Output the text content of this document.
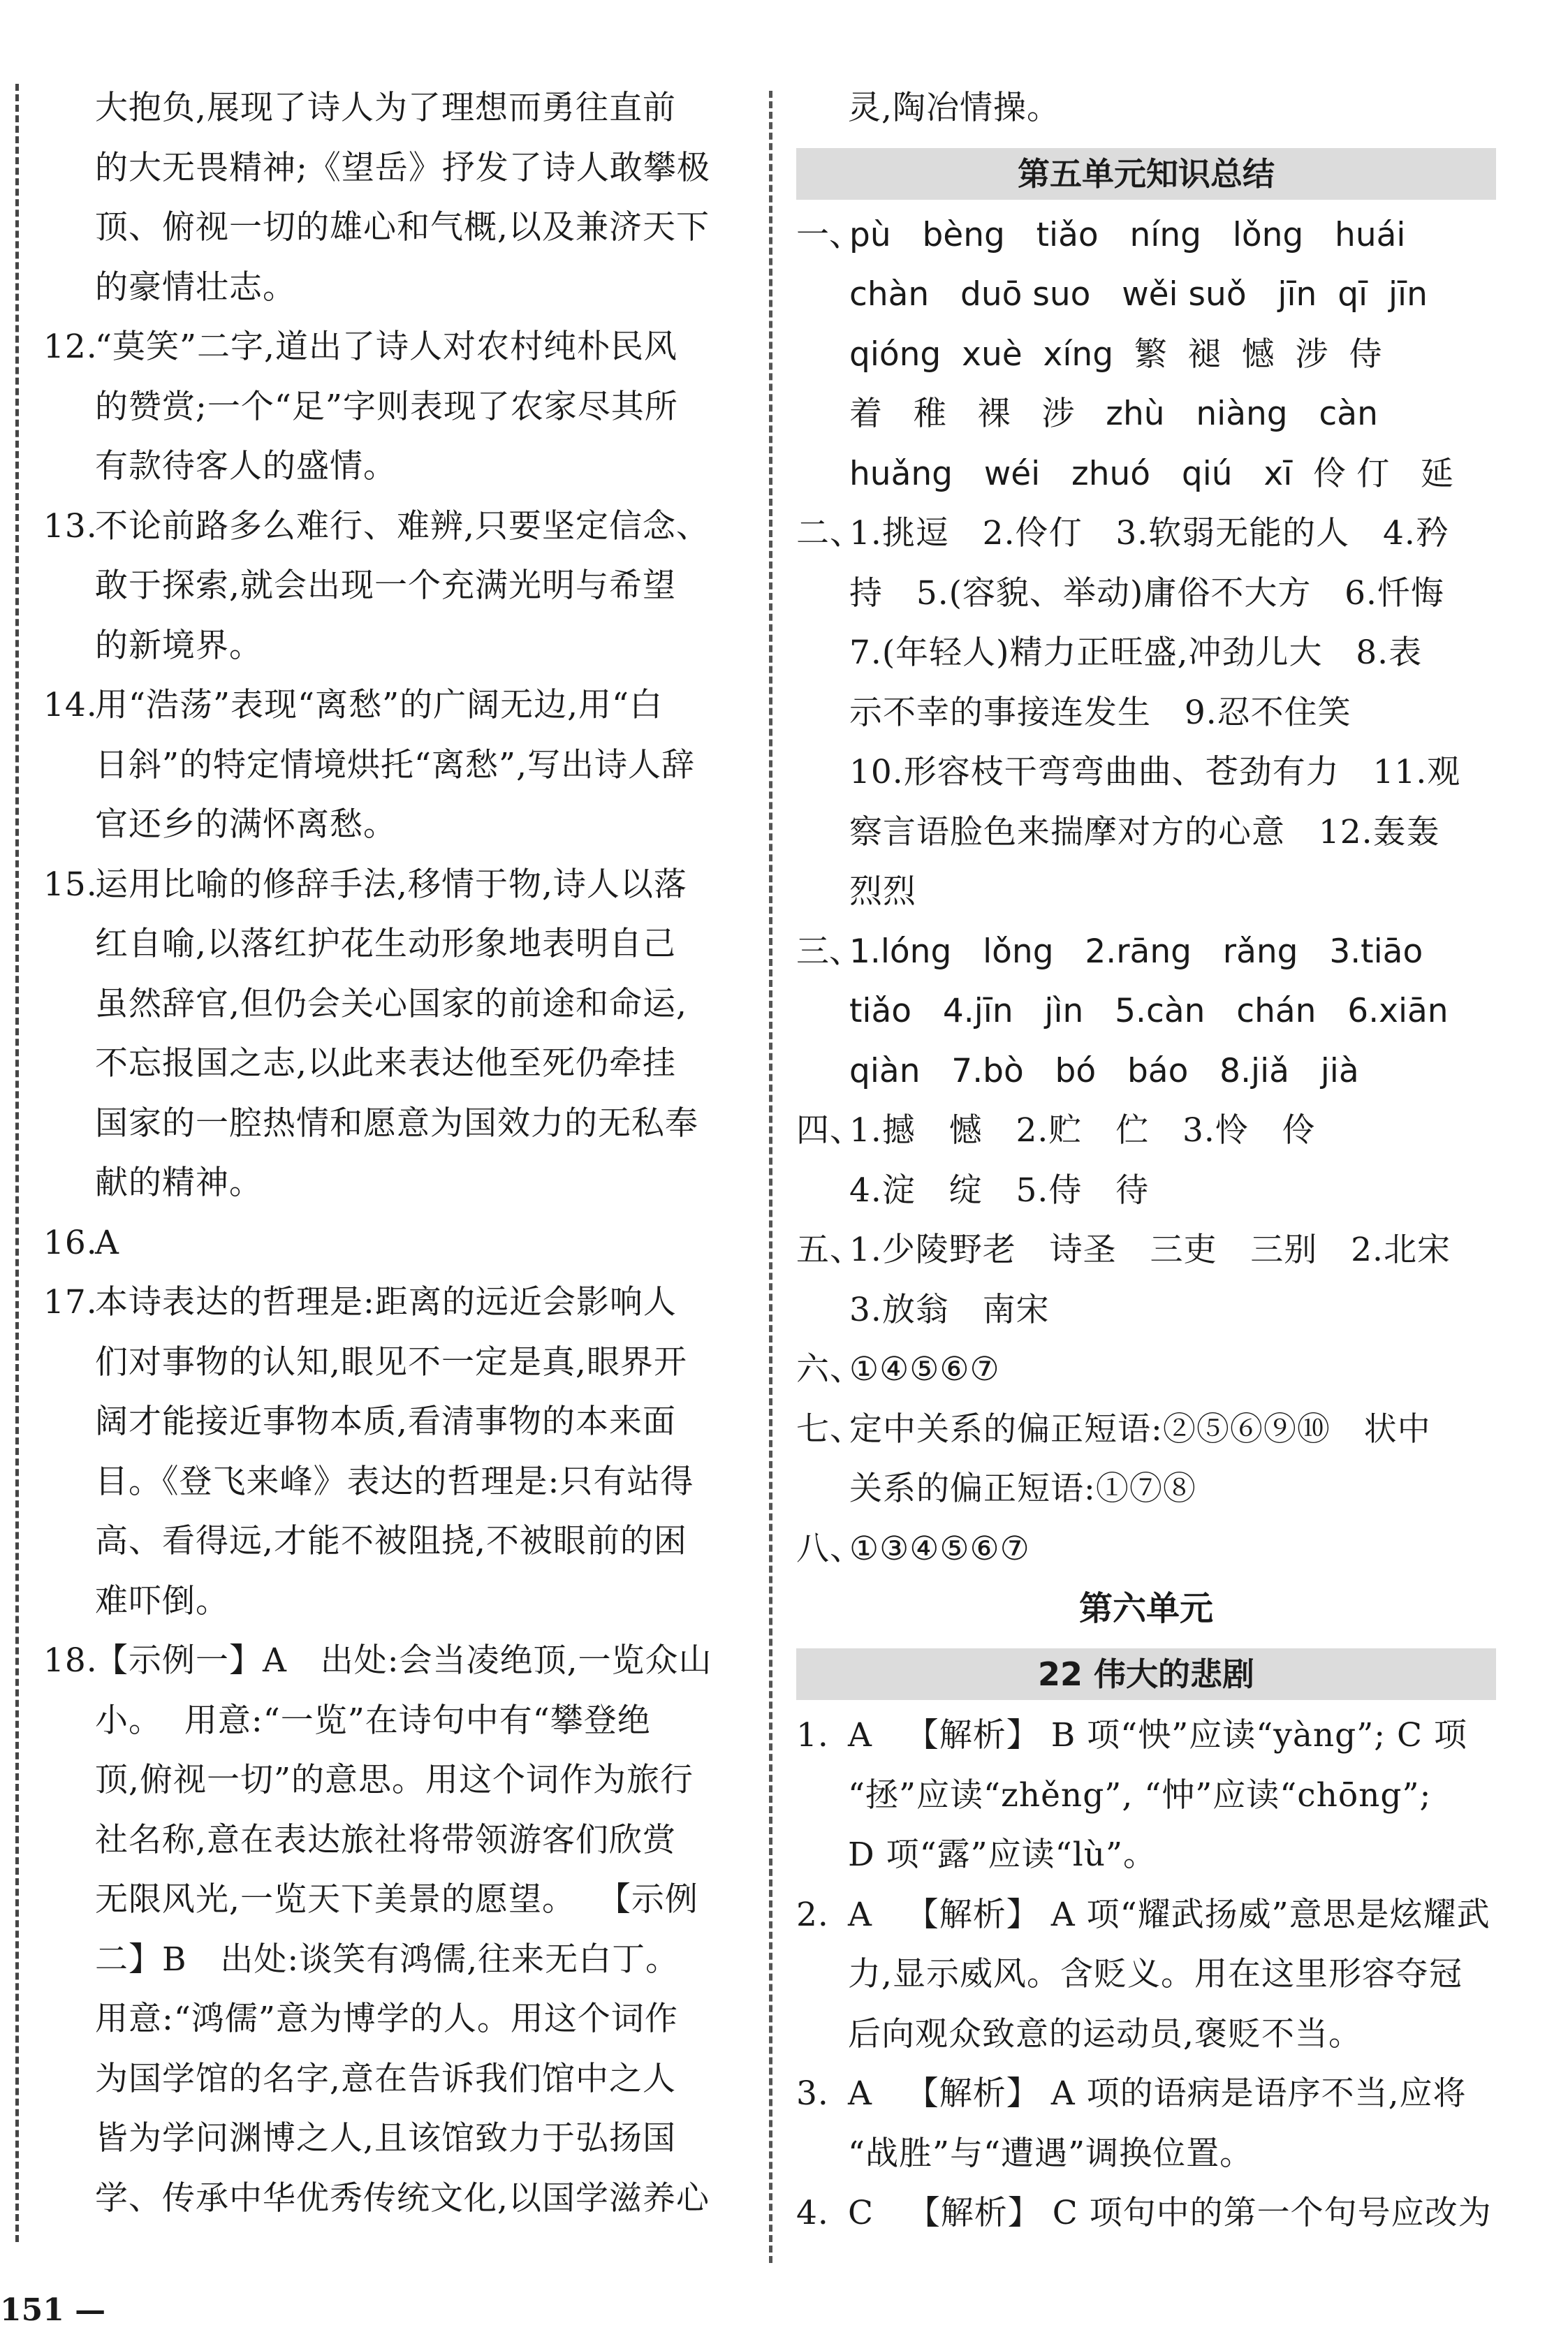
大抱负,展现了诗人为了理想而勇往直前
的大无畏精神;《望岳》抒发了诗人敢攀极
顶、俯视一切的雄心和气概,以及兼济天下
的豪情壮志。
12.
“莫笑”二字,道出了诗人对农村纯朴民风
的赞赏;一个“足”字则表现了农家尽其所
有款待客人的盛情。
13.
不论前路多么难行、难辨,只要坚定信念、
敢于探索,就会出现一个充满光明与希望
的新境界。
14.
用“浩荡”表现“离愁”的广阔无边,用“白
日斜”的特定情境烘托“离愁”,写出诗人辞
官还乡的满怀离愁。
15.
运用比喻的修辞手法,移情于物,诗人以落
红自喻,以落红护花生动形象地表明自己
虽然辞官,但仍会关心国家的前途和命运,
不忘报国之志,以此来表达他至死仍牵挂
国家的一腔热情和愿意为国效力的无私奉
献的精神。
16.
A
17.
本诗表达的哲理是:距离的远近会影响人
们对事物的认知,眼见不一定是真,眼界开
阔才能接近事物本质,看清事物的本来面
目。《登飞来峰》表达的哲理是:只有站得
高、看得远,才能不被阻挠,不被眼前的困
难吓倒。
18.
【示例一】A   出处:会当凌绝顶,一览众山
小。  用意:“一览”在诗句中有“攀登绝
顶,俯视一切”的意思。用这个词作为旅行
社名称,意在表达旅社将带领游客们欣赏
无限风光,一览天下美景的愿望。  【示例
二】B   出处:谈笑有鸿儒,往来无白丁。
用意:“鸿儒”意为博学的人。用这个词作
为国学馆的名字,意在告诉我们馆中之人
皆为学问渊博之人,且该馆致力于弘扬国
学、传承中华优秀传统文化,以国学滋养心
灵,陶冶情操。
第五单元知识总结
一、
pù   bèng   tiǎo   níng   lǒng   huái
chàn   duō suo   wěi suǒ   jīn  qī  jīn
qióng  xuè  xíng  繁  褪  憾  涉  侍
着   稚   裸   涉   zhù   niàng   càn
huǎng   wéi   zhuó   qiú   xī  伶 仃   延
二、
1.挑逗   2.伶仃   3.软弱无能的人   4.矜
持   5.(容貌、举动)庸俗不大方   6.忏悔
7.(年轻人)精力正旺盛,冲劲儿大   8.表
示不幸的事接连发生   9.忍不住笑
10.形容枝干弯弯曲曲、苍劲有力   11.观
察言语脸色来揣摩对方的心意   12.轰轰
烈烈
三、
1.lóng   lǒng   2.rāng   rǎng   3.tiāo
tiǎo   4.jīn   jìn   5.càn   chán   6.xiān
qiàn   7.bò   bó   báo   8.jiǎ   jià
四、
1.撼   憾   2.贮   伫   3.怜   伶
4.淀   绽   5.侍   待
五、
1.少陵野老   诗圣   三吏   三别   2.北宋
3.放翁   南宋
六、
①④⑤⑥⑦
七、
定中关系的偏正短语:②⑤⑥⑨⑩   状中
关系的偏正短语:①⑦⑧
八、
①③④⑤⑥⑦
第六单元
22 伟大的悲剧
1. A   【解析】 B 项“怏”应读“yàng”; C 项
“拯”应读“zhěng”, “忡”应读“chōng”;
D 项“露”应读“lù”。
2. A   【解析】 A 项“耀武扬威”意思是炫耀武
力,显示威风。含贬义。用在这里形容夺冠
后向观众致意的运动员,褒贬不当。
3. A   【解析】 A 项的语病是语序不当,应将
“战胜”与“遭遇”调换位置。
4. C   【解析】 C 项句中的第一个句号应改为
151 —
